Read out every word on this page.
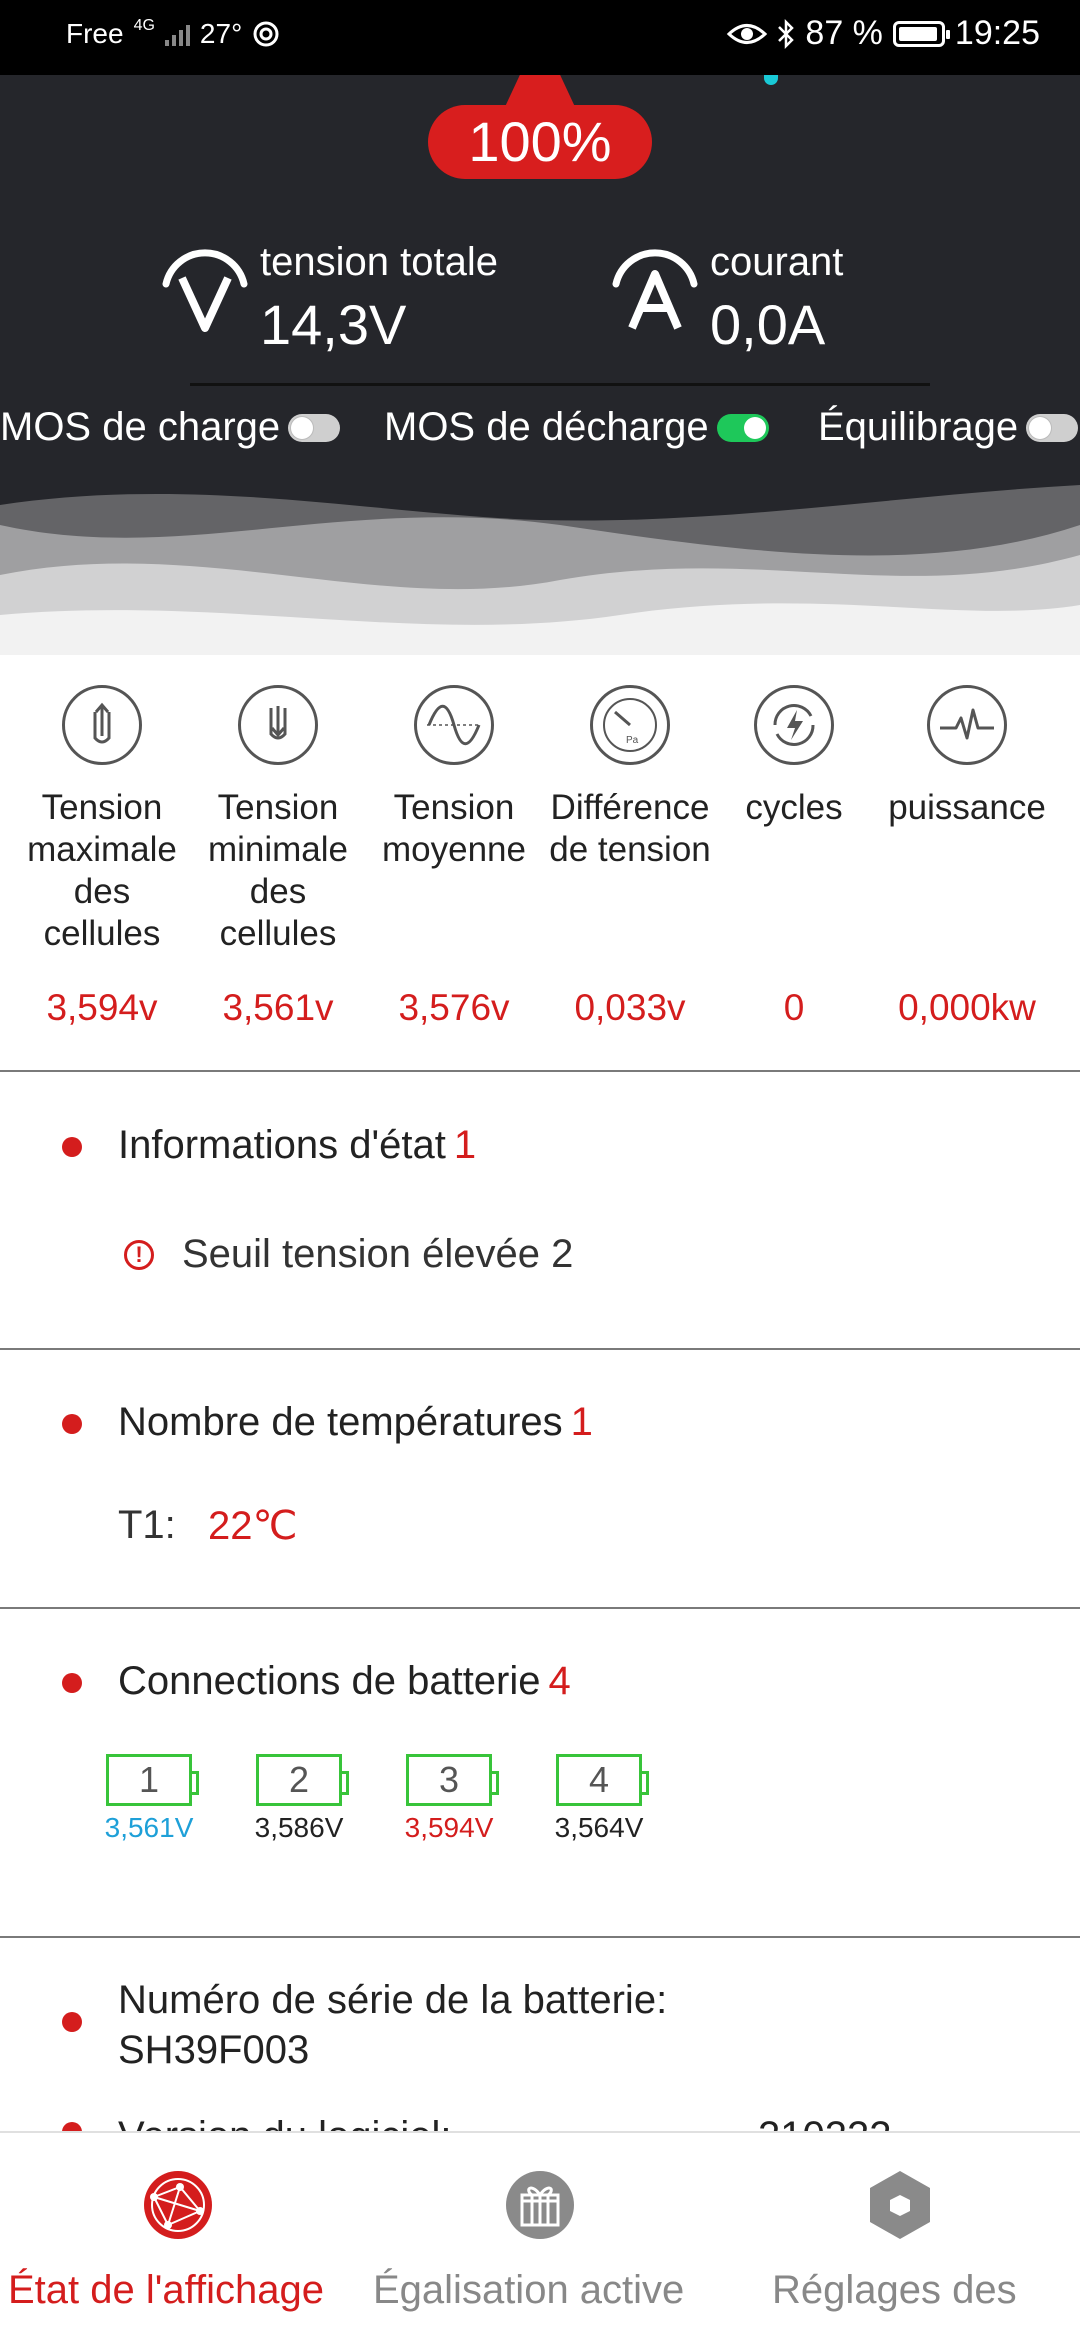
Free 4G 27°	87 % 19:25
100%
tension totale
14,3V
courant
0,0A
MOS de charge	MOS de décharge	Équilibrage
Tension maximale des cellules
3,594v
Tension minimale des cellules
3,561v
Tension moyenne
3,576v
Pa
Différence de tension
0,033v
cycles
0
puissance
0,000kw
Informations d'état 1
! Seuil tension élevée 2
Nombre de températures 1
T1: 22℃
Connections de batterie 4
1
3,561V
2
3,586V
3
3,594V
4
3,564V
Numéro de série de la batterie:
SH39F003
État de l'affichage Égalisation active Réglages des
